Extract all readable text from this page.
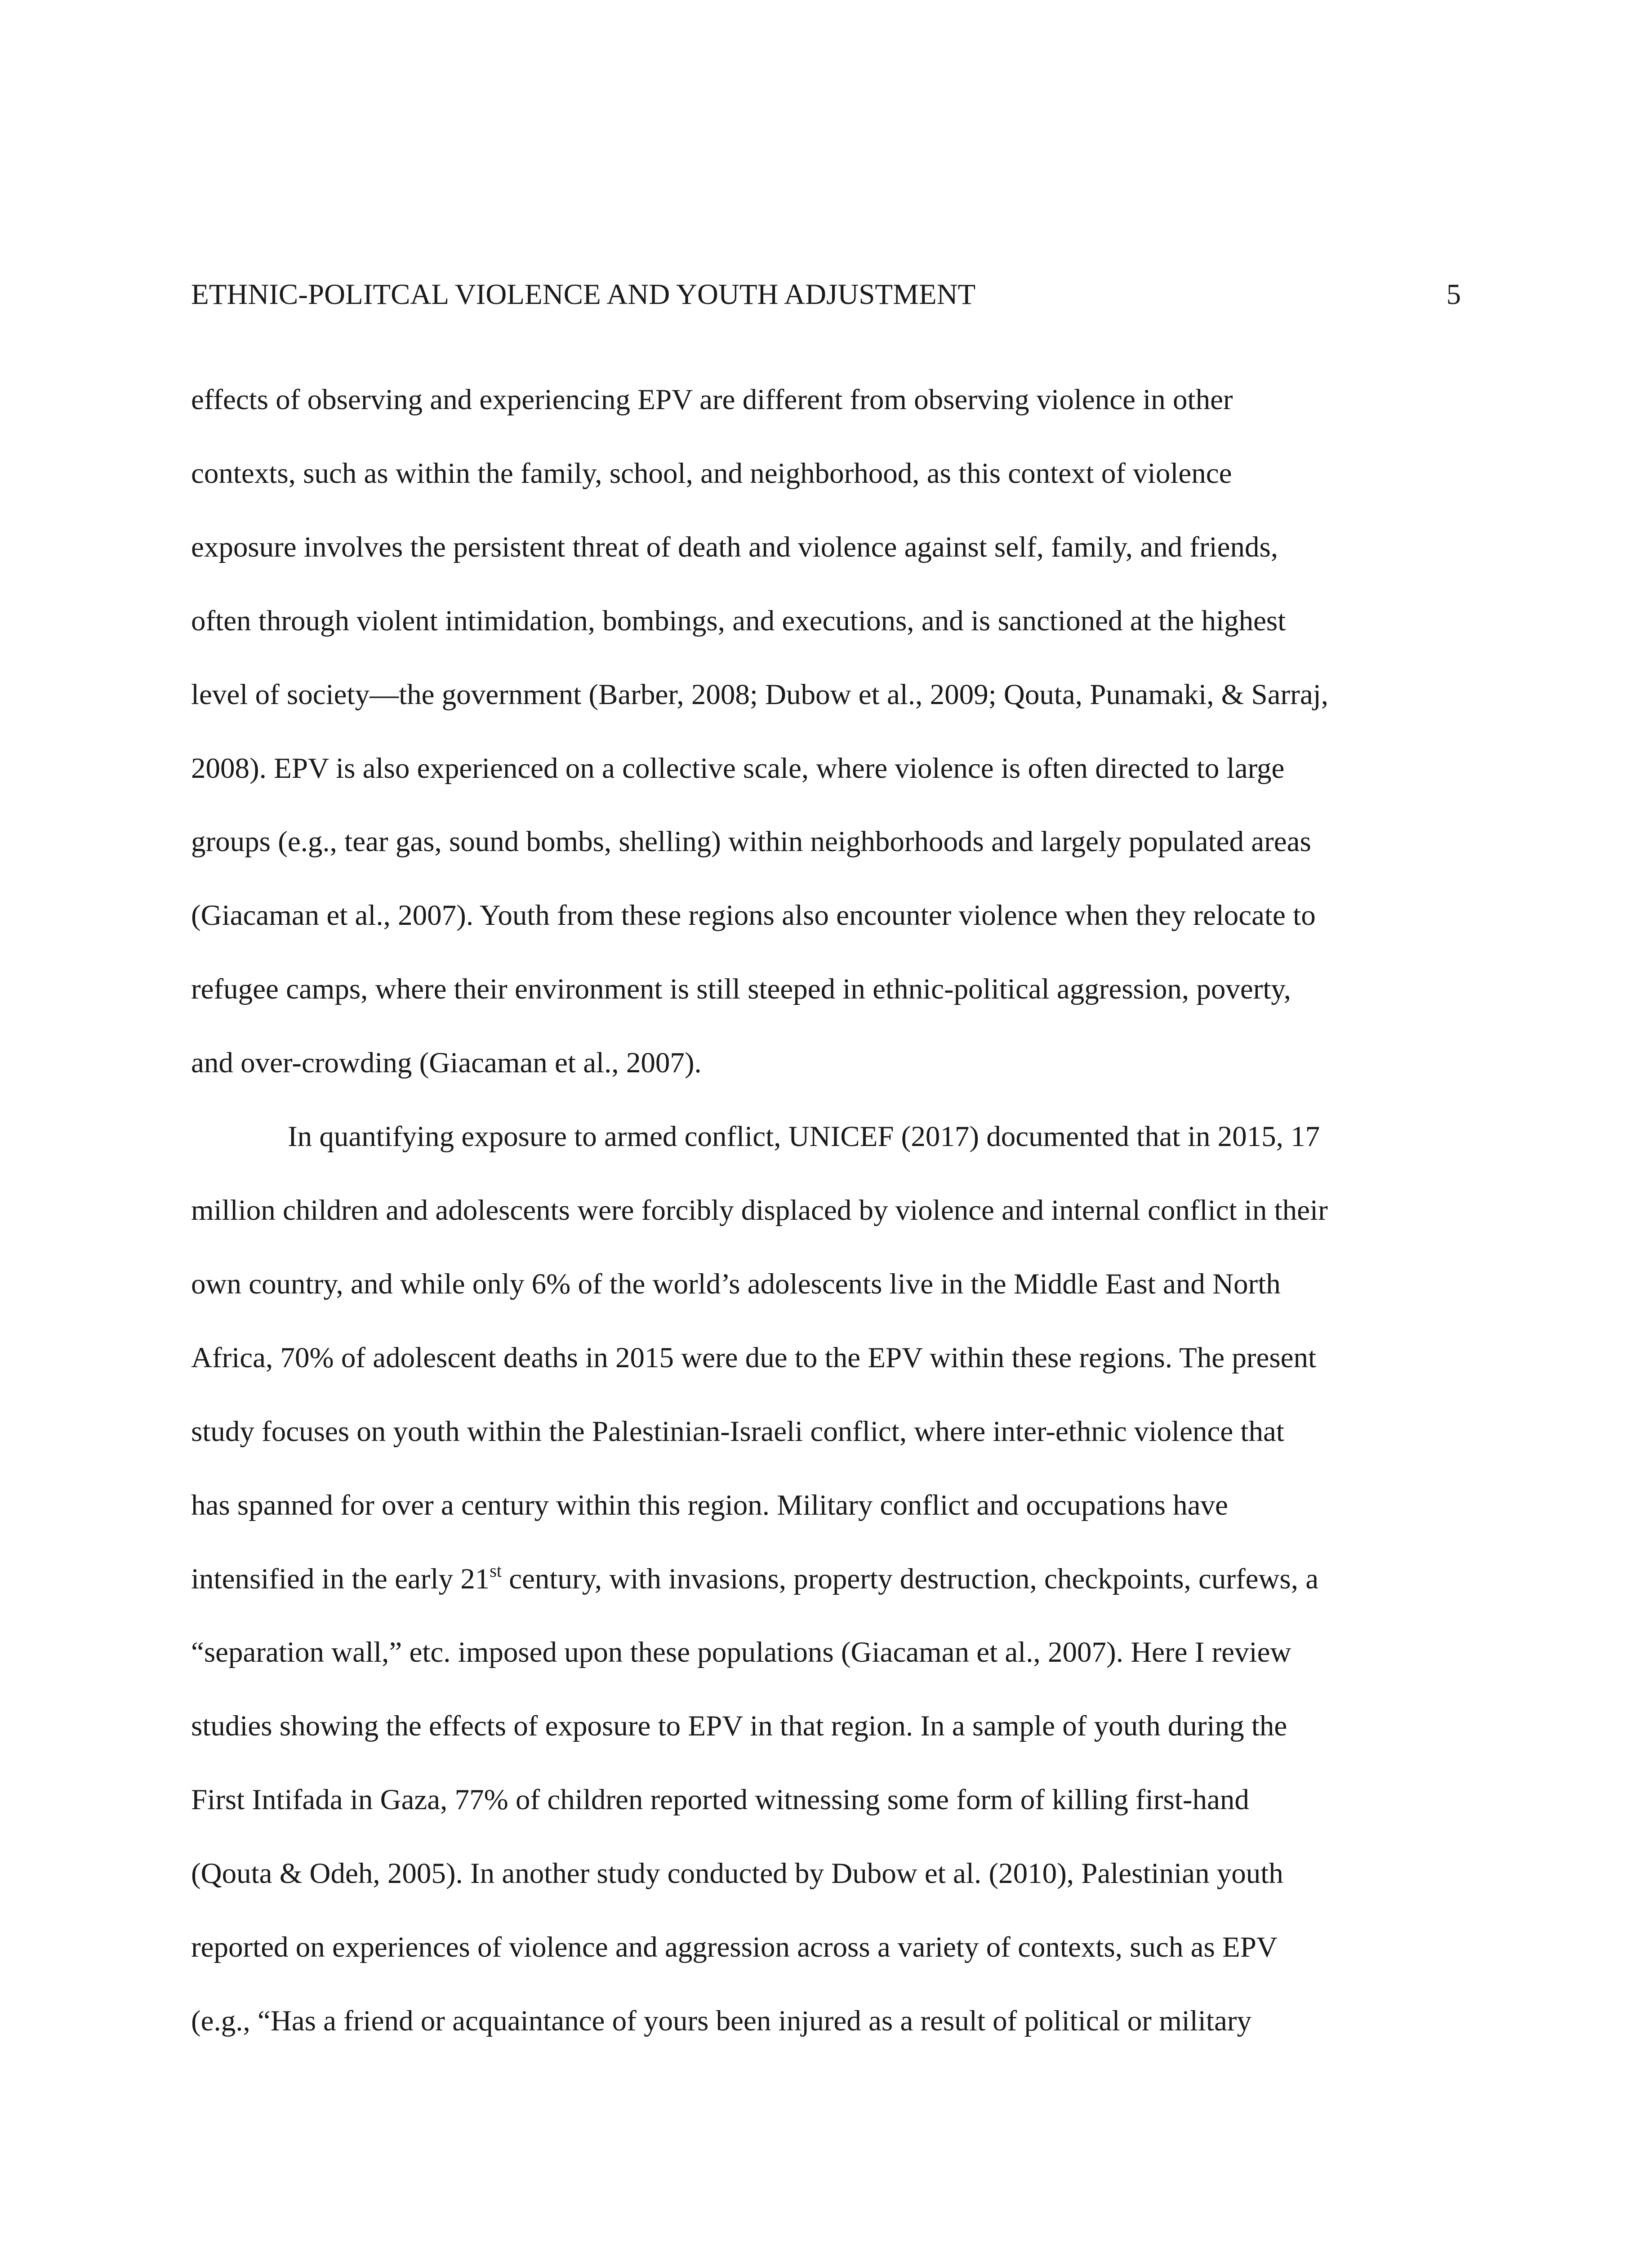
ETHNIC-POLITCAL VIOLENCE AND YOUTH ADJUSTMENT	5
effects of observing and experiencing EPV are different from observing violence in other
contexts, such as within the family, school, and neighborhood, as this context of violence
exposure involves the persistent threat of death and violence against self, family, and friends,
often through violent intimidation, bombings, and executions, and is sanctioned at the highest
level of society—the government (Barber, 2008; Dubow et al., 2009; Qouta, Punamaki, & Sarraj,
2008). EPV is also experienced on a collective scale, where violence is often directed to large
groups (e.g., tear gas, sound bombs, shelling) within neighborhoods and largely populated areas
(Giacaman et al., 2007). Youth from these regions also encounter violence when they relocate to
refugee camps, where their environment is still steeped in ethnic-political aggression, poverty,
and over-crowding (Giacaman et al., 2007).
In quantifying exposure to armed conflict, UNICEF (2017) documented that in 2015, 17
million children and adolescents were forcibly displaced by violence and internal conflict in their
own country, and while only 6% of the world’s adolescents live in the Middle East and North
Africa, 70% of adolescent deaths in 2015 were due to the EPV within these regions. The present
study focuses on youth within the Palestinian-Israeli conflict, where inter-ethnic violence that
has spanned for over a century within this region. Military conflict and occupations have
intensified in the early 21st century, with invasions, property destruction, checkpoints, curfews, a
“separation wall,” etc. imposed upon these populations (Giacaman et al., 2007). Here I review
studies showing the effects of exposure to EPV in that region. In a sample of youth during the
First Intifada in Gaza, 77% of children reported witnessing some form of killing first-hand
(Qouta & Odeh, 2005). In another study conducted by Dubow et al. (2010), Palestinian youth
reported on experiences of violence and aggression across a variety of contexts, such as EPV
(e.g., “Has a friend or acquaintance of yours been injured as a result of political or military
